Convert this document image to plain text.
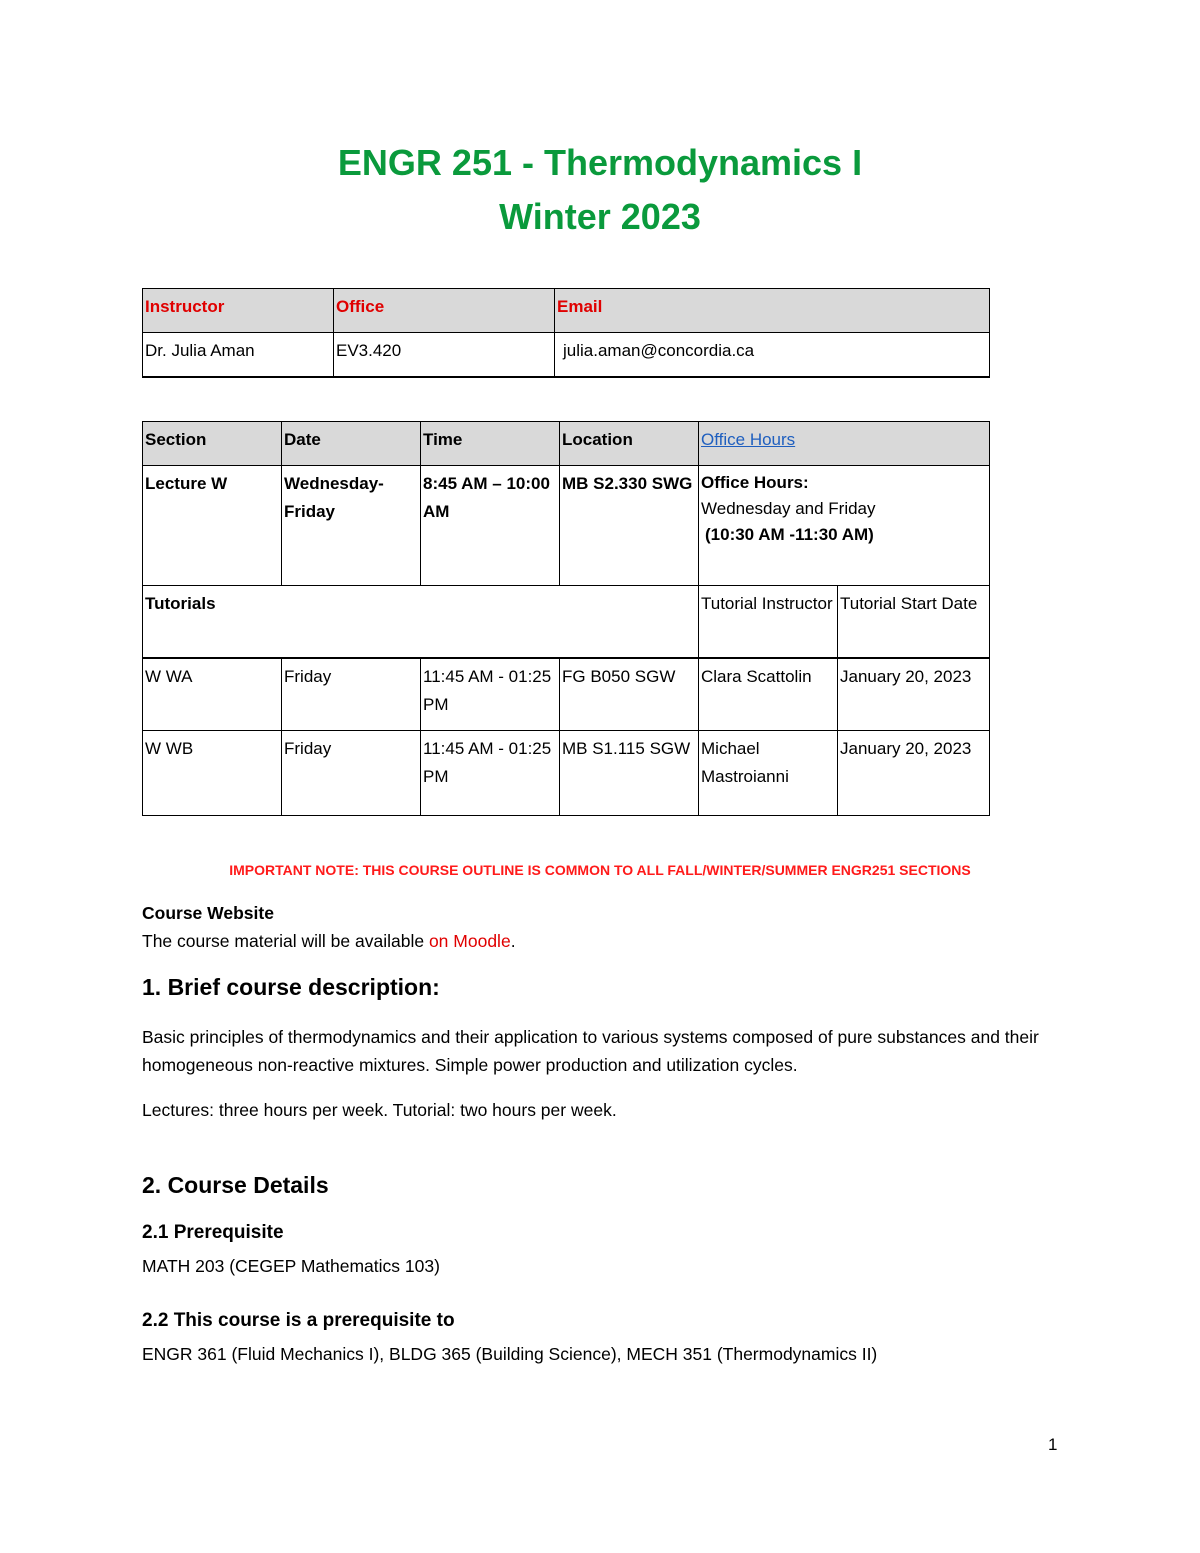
ENGR 251 - Thermodynamics I
Winter 2023
Instructor	Office	Email
Dr. Julia Aman	EV3.420	julia.aman@concordia.ca
Section	Date	Time	Location	Office Hours	
Lecture W	Wednesday-Friday	8:45 AM – 10:00 AM	MB S2.330 SWG	Office Hours:
Wednesday and Friday
(10:30 AM -11:30 AM)	

Tutorials				Tutorial Instructor	Tutorial Start Date
W WA	Friday	11:45 AM - 01:25 PM	FG B050 SGW	Clara Scattolin	January 20, 2023
W WB	Friday	11:45 AM - 01:25 PM	MB S1.115 SGW	Michael Mastroianni	January 20, 2023
IMPORTANT NOTE: THIS COURSE OUTLINE IS COMMON TO ALL FALL/WINTER/SUMMER ENGR251 SECTIONS
Course Website
The course material will be available on Moodle.
1. Brief course description:
Basic principles of thermodynamics and their application to various systems composed of pure substances and their homogeneous non-reactive mixtures. Simple power production and utilization cycles.
Lectures: three hours per week. Tutorial: two hours per week.
2. Course Details
2.1 Prerequisite
MATH 203 (CEGEP Mathematics 103)
2.2 This course is a prerequisite to
ENGR 361 (Fluid Mechanics I), BLDG 365 (Building Science), MECH 351 (Thermodynamics II)
1
